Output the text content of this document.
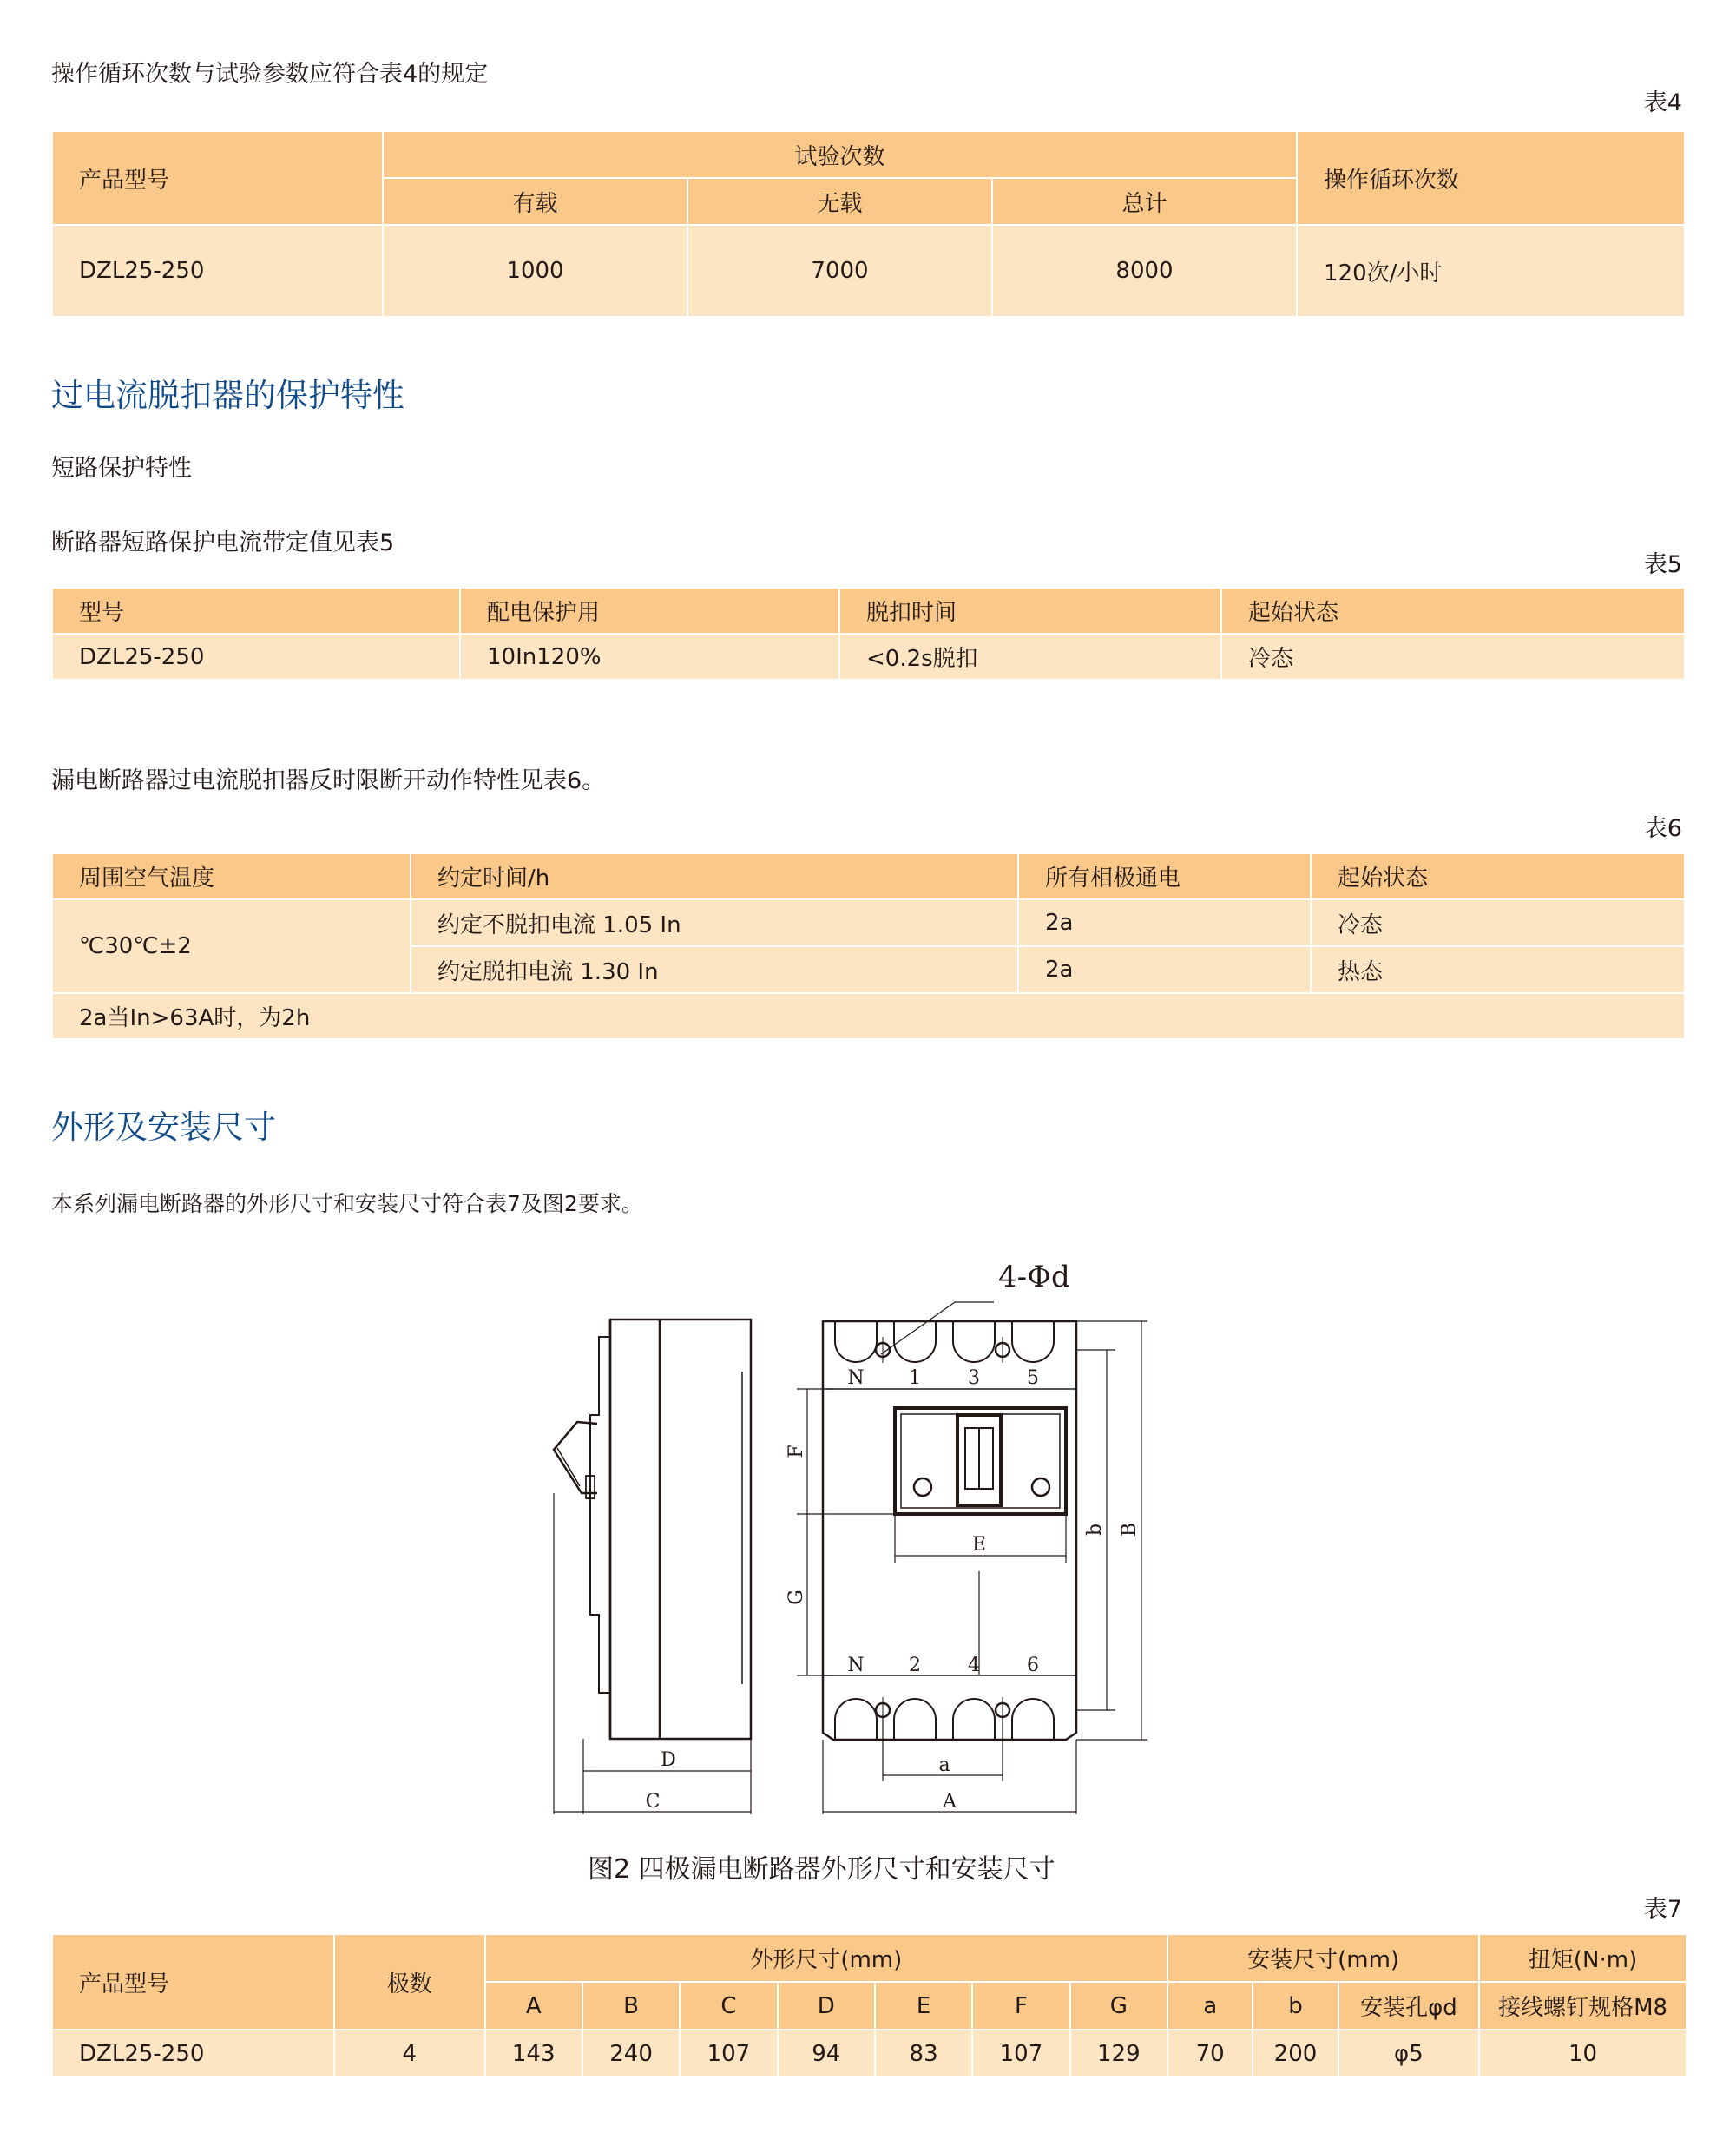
操作循环次数与试验参数应符合表4的规定
表4
产品型号	试验次数			操作循环次数
	有载	无载	总计	
DZL25-250	1000	7000	8000	120次/小时
过电流脱扣器的保护特性
短路保护特性
断路器短路保护电流带定值见表5
表5
型号	配电保护用	脱扣时间	起始状态
DZL25-250	10In120%	<0.2s脱扣	冷态
漏电断路器过电流脱扣器反时限断开动作特性见表6。
表6
周围空气温度	约定时间/h	所有相极通电	起始状态
℃30℃±2	约定不脱扣电流 1.05 In	2a	冷态
	约定脱扣电流 1.30 In	2a	热态
2a当In>63A时，为2h			
外形及安装尺寸
本系列漏电断路器的外形尺寸和安装尺寸符合表7及图2要求。
4-Φd
N 1 3 5
N 2 4 6
D
C
a
A
E
F
G
b B
图2 四极漏电断路器外形尺寸和安装尺寸
表7
产品型号	极数	外形尺寸(mm)							安装尺寸(mm)			扭矩(N·m)
		A	B	C	D	E	F	G	a	b	安装孔φd	接线螺钉规格M8
DZL25-250	4	143	240	107	94	83	107	129	70	200	φ5	10
